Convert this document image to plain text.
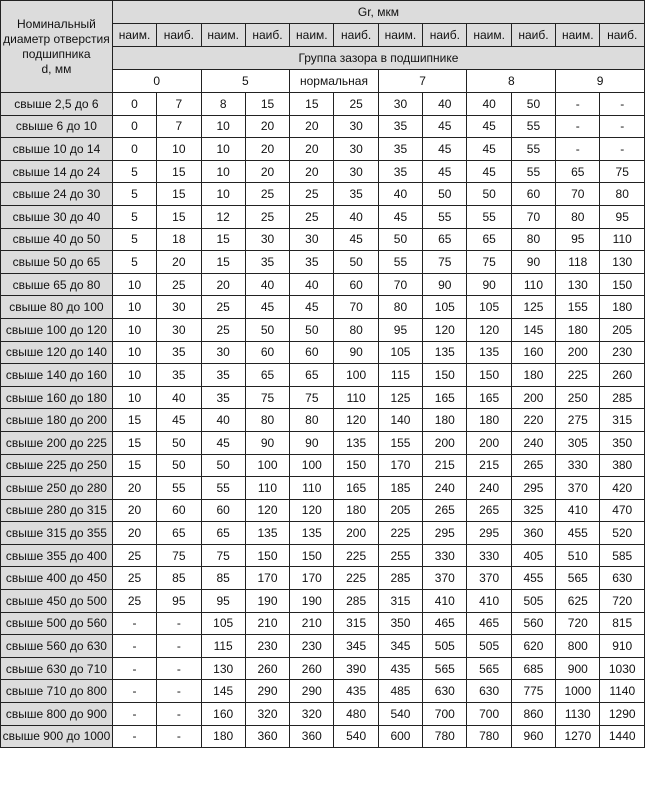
Номинальный
диаметр отверстия
подшипника
d, мм	Gr, мкм											
	наим.	наиб.	наим.	наиб.	наим.	наиб.	наим.	наиб.	наим.	наиб.	наим.	наиб.
	Группа зазора в подшипнике											
	0		5		нормальная		7		8		9	
свыше 2,5 до 6	0	7	8	15	15	25	30	40	40	50	-	-
свыше 6 до 10	0	7	10	20	20	30	35	45	45	55	-	-
свыше 10 до 14	0	10	10	20	20	30	35	45	45	55	-	-
свыше 14 до 24	5	15	10	20	20	30	35	45	45	55	65	75
свыше 24 до 30	5	15	10	25	25	35	40	50	50	60	70	80
свыше 30 до 40	5	15	12	25	25	40	45	55	55	70	80	95
свыше 40 до 50	5	18	15	30	30	45	50	65	65	80	95	110
свыше 50 до 65	5	20	15	35	35	50	55	75	75	90	118	130
свыше 65 до 80	10	25	20	40	40	60	70	90	90	110	130	150
свыше 80 до 100	10	30	25	45	45	70	80	105	105	125	155	180
свыше 100 до 120	10	30	25	50	50	80	95	120	120	145	180	205
свыше 120 до 140	10	35	30	60	60	90	105	135	135	160	200	230
свыше 140 до 160	10	35	35	65	65	100	115	150	150	180	225	260
свыше 160 до 180	10	40	35	75	75	110	125	165	165	200	250	285
свыше 180 до 200	15	45	40	80	80	120	140	180	180	220	275	315
свыше 200 до 225	15	50	45	90	90	135	155	200	200	240	305	350
свыше 225 до 250	15	50	50	100	100	150	170	215	215	265	330	380
свыше 250 до 280	20	55	55	110	110	165	185	240	240	295	370	420
свыше 280 до 315	20	60	60	120	120	180	205	265	265	325	410	470
свыше 315 до 355	20	65	65	135	135	200	225	295	295	360	455	520
свыше 355 до 400	25	75	75	150	150	225	255	330	330	405	510	585
свыше 400 до 450	25	85	85	170	170	225	285	370	370	455	565	630
свыше 450 до 500	25	95	95	190	190	285	315	410	410	505	625	720
свыше 500 до 560	-	-	105	210	210	315	350	465	465	560	720	815
свыше 560 до 630	-	-	115	230	230	345	345	505	505	620	800	910
свыше 630 до 710	-	-	130	260	260	390	435	565	565	685	900	1030
свыше 710 до 800	-	-	145	290	290	435	485	630	630	775	1000	1140
свыше 800 до 900	-	-	160	320	320	480	540	700	700	860	1130	1290
свыше 900 до 1000	-	-	180	360	360	540	600	780	780	960	1270	1440
